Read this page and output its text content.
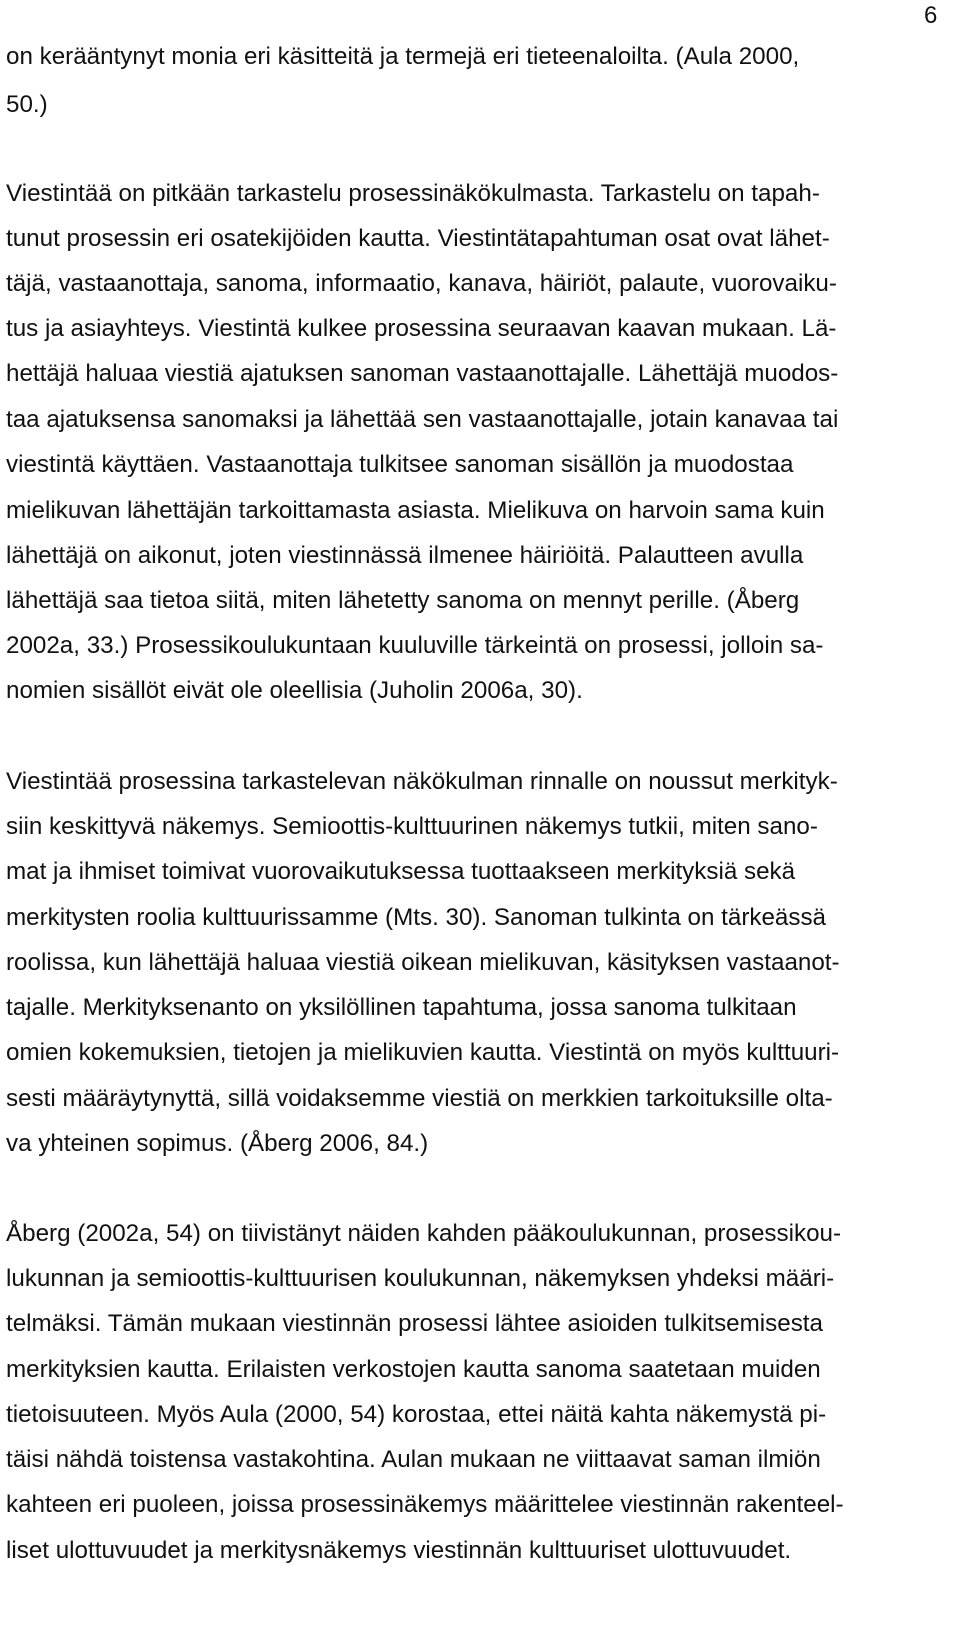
6

on kerääntynyt monia eri käsitteitä ja termejä eri tieteenaloilta. (Aula 2000,

50.)

Viestintää on pitkään tarkastelu prosessinäkökulmasta. Tarkastelu on tapah-

tunut prosessin eri osatekijöiden kautta. Viestintätapahtuman osat ovat lähet-

täjä, vastaanottaja, sanoma, informaatio, kanava, häiriöt, palaute, vuorovaiku-

tus ja asiayhteys. Viestintä kulkee prosessina seuraavan kaavan mukaan. Lä-

hettäjä haluaa viestiä ajatuksen sanoman vastaanottajalle. Lähettäjä muodos-

taa ajatuksensa sanomaksi ja lähettää sen vastaanottajalle, jotain kanavaa tai

viestintä käyttäen. Vastaanottaja tulkitsee sanoman sisällön ja muodostaa

mielikuvan lähettäjän tarkoittamasta asiasta. Mielikuva on harvoin sama kuin

lähettäjä on aikonut, joten viestinnässä ilmenee häiriöitä. Palautteen avulla

lähettäjä saa tietoa siitä, miten lähetetty sanoma on mennyt perille. (Åberg

2002a, 33.) Prosessikoulukuntaan kuuluville tärkeintä on prosessi, jolloin sa-

nomien sisällöt eivät ole oleellisia (Juholin 2006a, 30).

Viestintää prosessina tarkastelevan näkökulman rinnalle on noussut merkityk-

siin keskittyvä näkemys. Semioottis-kulttuurinen näkemys tutkii, miten sano-

mat ja ihmiset toimivat vuorovaikutuksessa tuottaakseen merkityksiä sekä

merkitysten roolia kulttuurissamme (Mts. 30). Sanoman tulkinta on tärkeässä

roolissa, kun lähettäjä haluaa viestiä oikean mielikuvan, käsityksen vastaanot-

tajalle. Merkityksenanto on yksilöllinen tapahtuma, jossa sanoma tulkitaan

omien kokemuksien, tietojen ja mielikuvien kautta. Viestintä on myös kulttuuri-

sesti määräytynyttä, sillä voidaksemme viestiä on merkkien tarkoituksille olta-

va yhteinen sopimus. (Åberg 2006, 84.)

Åberg (2002a, 54) on tiivistänyt näiden kahden pääkoulukunnan, prosessikou-

lukunnan ja semioottis-kulttuurisen koulukunnan, näkemyksen yhdeksi määri-

telmäksi. Tämän mukaan viestinnän prosessi lähtee asioiden tulkitsemisesta

merkityksien kautta. Erilaisten verkostojen kautta sanoma saatetaan muiden

tietoisuuteen. Myös Aula (2000, 54) korostaa, ettei näitä kahta näkemystä pi-

täisi nähdä toistensa vastakohtina. Aulan mukaan ne viittaavat saman ilmiön

kahteen eri puoleen, joissa prosessinäkemys määrittelee viestinnän rakenteel-

liset ulottuvuudet ja merkitysnäkemys viestinnän kulttuuriset ulottuvuudet.
